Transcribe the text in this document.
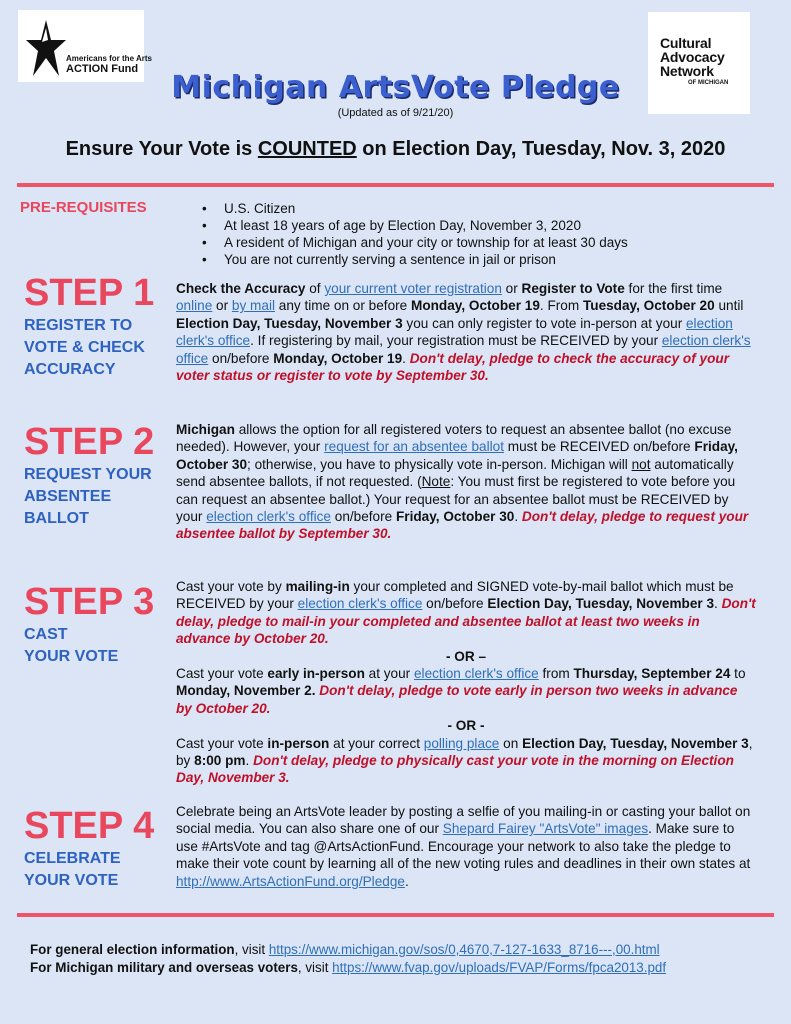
Americans for the Arts
ACTION Fund
Cultural
Advocacy
Network
OF MICHIGAN
Michigan ArtsVote Pledge
(Updated as of 9/21/20)
Ensure Your Vote is COUNTED on Election Day, Tuesday, Nov. 3, 2020
PRE-REQUISITES
•	U.S. Citizen
• At least 18 years of age by Election Day, November 3, 2020
• A resident of Michigan and your city or township for at least 30 days
• You are not currently serving a sentence in jail or prison
STEP 1
REGISTER TO
VOTE & CHECK
ACCURACY
Check the Accuracy of your current voter registration or Register to Vote for the first time online or by mail any time on or before Monday, October 19. From Tuesday, October 20 until Election Day, Tuesday, November 3 you can only register to vote in-person at your election clerk's office. If registering by mail, your registration must be RECEIVED by your election clerk's office on/before Monday, October 19. Don't delay, pledge to check the accuracy of your voter status or register to vote by September 30.
STEP 2
REQUEST YOUR
ABSENTEE
BALLOT
Michigan allows the option for all registered voters to request an absentee ballot (no excuse needed). However, your request for an absentee ballot must be RECEIVED on/before Friday, October 30; otherwise, you have to physically vote in-person. Michigan will not automatically send absentee ballots, if not requested. (Note: You must first be registered to vote before you can request an absentee ballot.) Your request for an absentee ballot must be RECEIVED by your election clerk's office on/before Friday, October 30. Don't delay, pledge to request your absentee ballot by September 30.
STEP 3
CAST
YOUR VOTE
Cast your vote by mailing-in your completed and SIGNED vote-by-mail ballot which must be RECEIVED by your election clerk's office on/before Election Day, Tuesday, November 3. Don't delay, pledge to mail-in your completed and absentee ballot at least two weeks in advance by October 20.
- OR –
Cast your vote early in-person at your election clerk's office from Thursday, September 24 to Monday, November 2. Don't delay, pledge to vote early in person two weeks in advance by October 20.
- OR -
Cast your vote in-person at your correct polling place on Election Day, Tuesday, November 3, by 8:00 pm. Don't delay, pledge to physically cast your vote in the morning on Election Day, November 3.
STEP 4
CELEBRATE
YOUR VOTE
Celebrate being an ArtsVote leader by posting a selfie of you mailing-in or casting your ballot on social media. You can also share one of our Shepard Fairey "ArtsVote" images. Make sure to use #ArtsVote and tag @ArtsActionFund. Encourage your network to also take the pledge to make their vote count by learning all of the new voting rules and deadlines in their own states at http://www.ArtsActionFund.org/Pledge.
For general election information, visit https://www.michigan.gov/sos/0,4670,7-127-1633_8716---,00.html
For Michigan military and overseas voters, visit https://www.fvap.gov/uploads/FVAP/Forms/fpca2013.pdf
